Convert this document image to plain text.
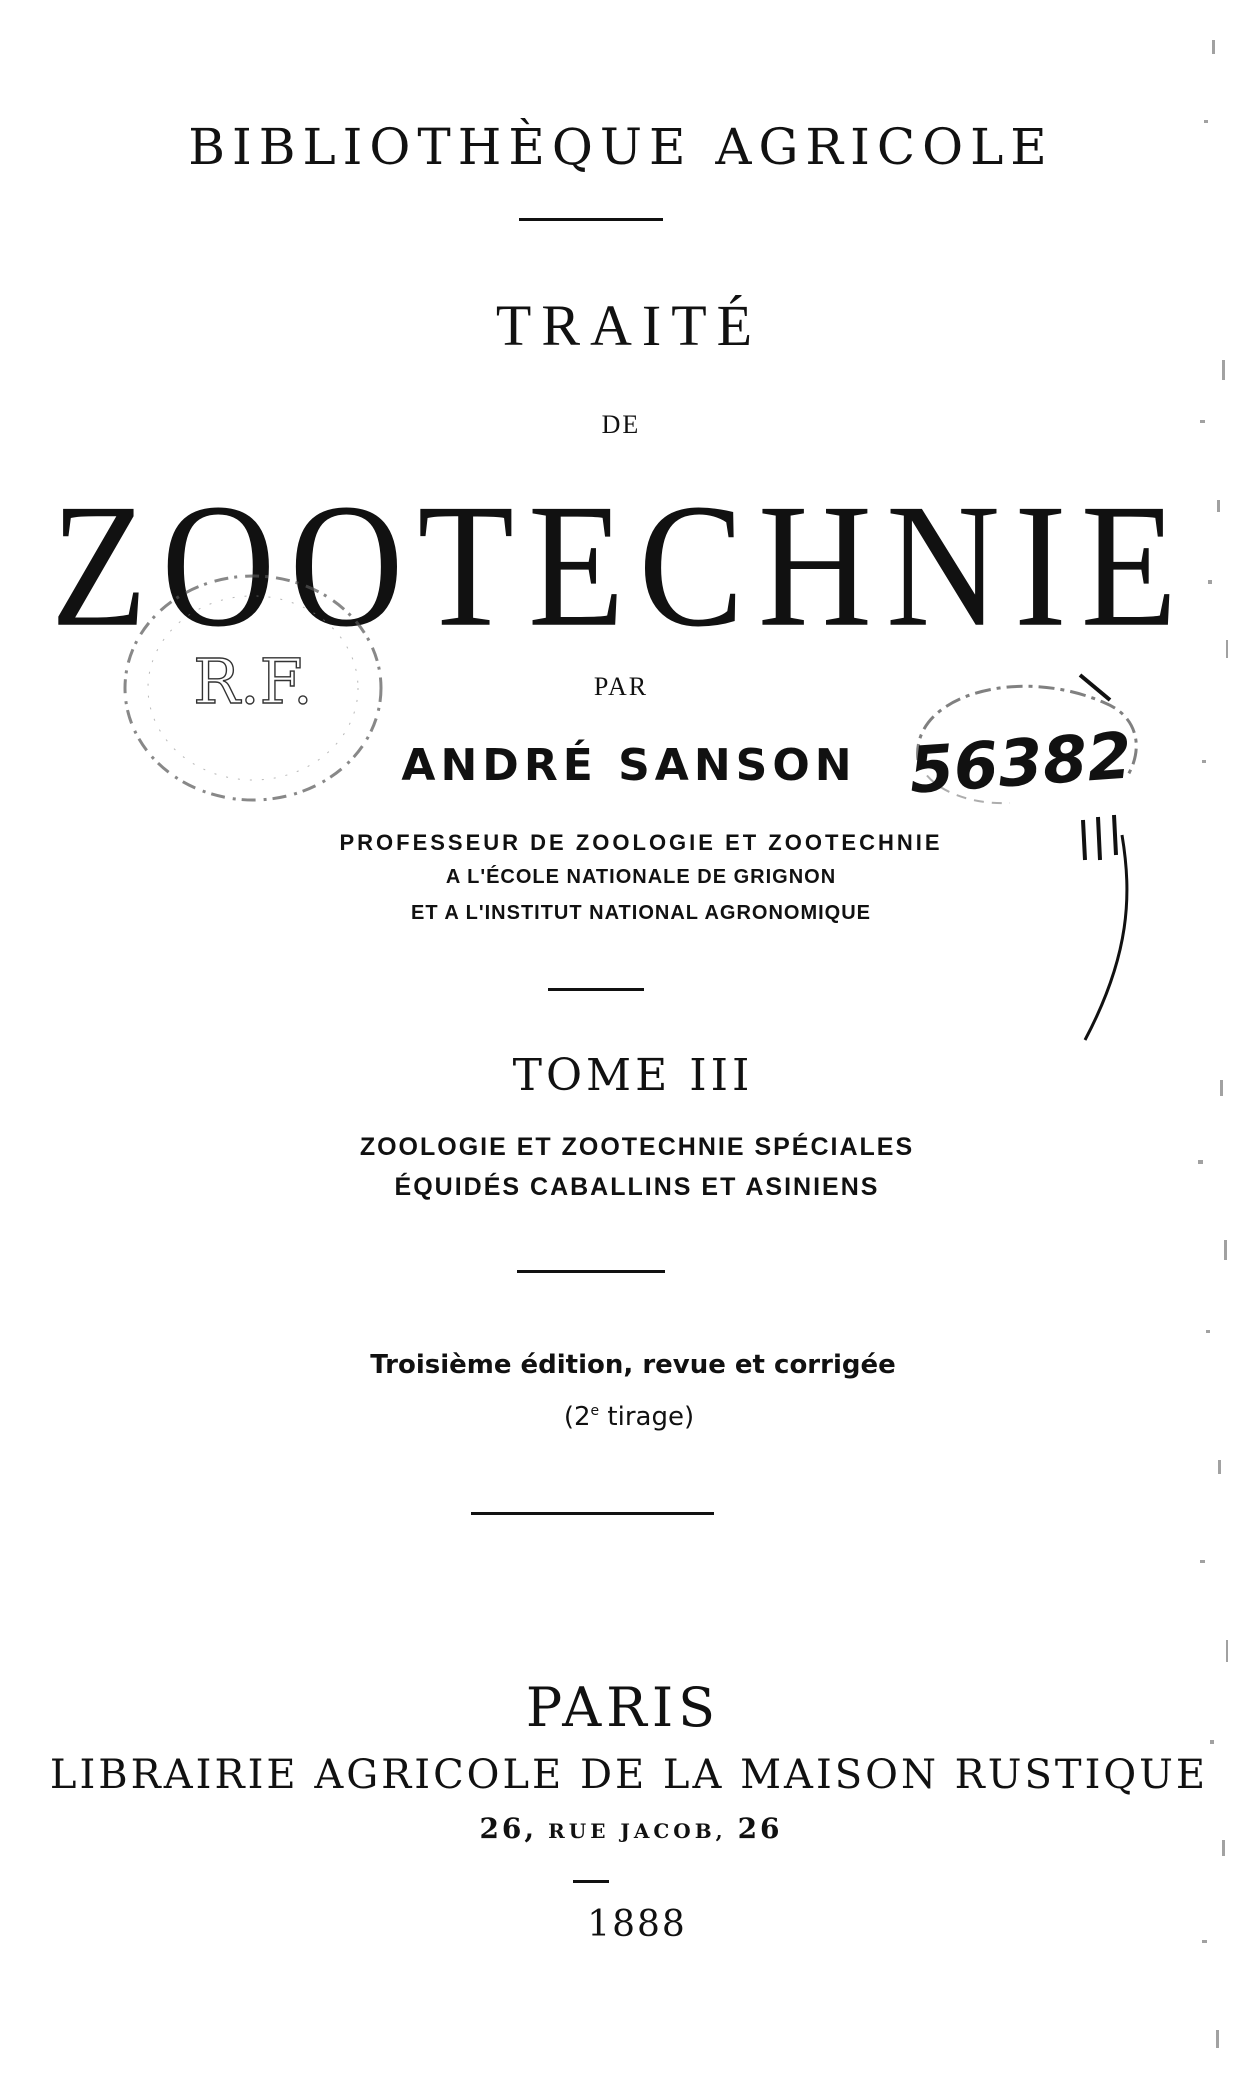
BIBLIOTHÈQUE AGRICOLE
TRAITÉ
DE
ZOOTECHNIE
PAR
ANDRÉ SANSON
PROFESSEUR DE ZOOLOGIE ET ZOOTECHNIE
A L'ÉCOLE NATIONALE DE GRIGNON
ET A L'INSTITUT NATIONAL AGRONOMIQUE
TOME III
ZOOLOGIE ET ZOOTECHNIE SPÉCIALES
ÉQUIDÉS CABALLINS ET ASINIENS
Troisième édition, revue et corrigée
(2e tirage)
PARIS
LIBRAIRIE AGRICOLE DE LA MAISON RUSTIQUE
26, RUE JACOB, 26
1888
R.F.
56382
